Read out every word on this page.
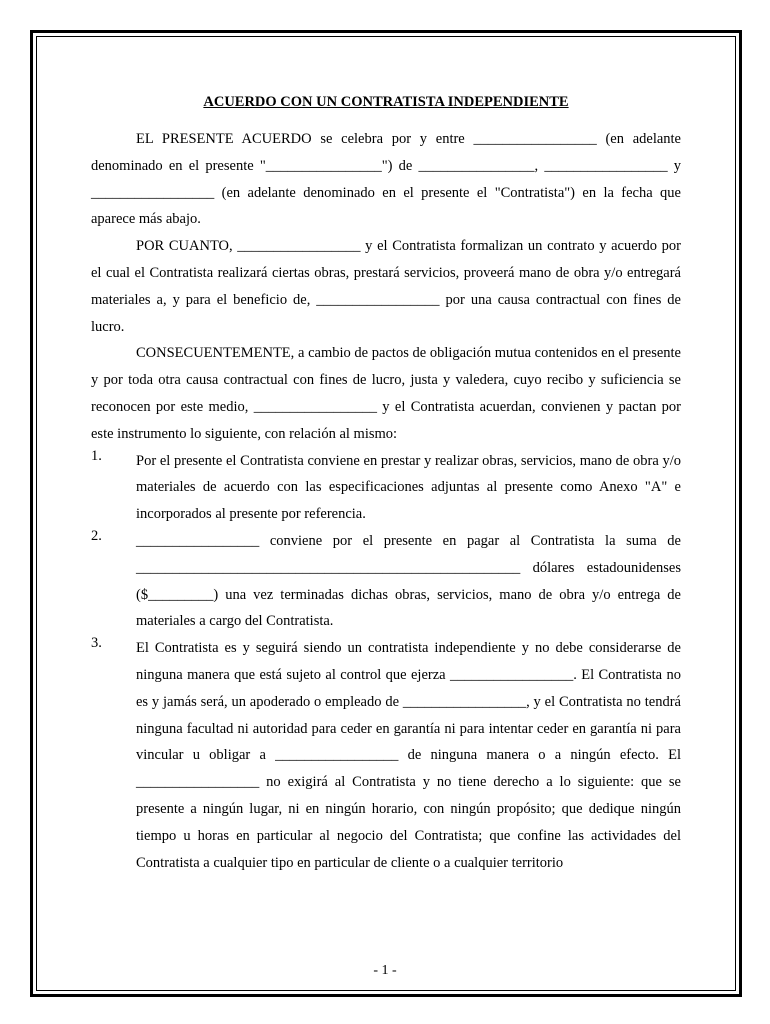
ACUERDO CON UN CONTRATISTA INDEPENDIENTE

EL PRESENTE ACUERDO se celebra por y entre _________________ (en adelante denominado en el presente "________________") de ________________, _________________ y _________________ (en adelante denominado en el presente el "Contratista") en la fecha que aparece más abajo.

POR CUANTO, _________________ y el Contratista formalizan un contrato y acuerdo por el cual el Contratista realizará ciertas obras, prestará servicios, proveerá mano de obra y/o entregará materiales a, y para el beneficio de, _________________ por una causa contractual con fines de lucro.

CONSECUENTEMENTE, a cambio de pactos de obligación mutua contenidos en el presente y por toda otra causa contractual con fines de lucro, justa y valedera, cuyo recibo y suficiencia se reconocen por este medio, _________________ y el Contratista acuerdan, convienen y pactan por este instrumento lo siguiente, con relación al mismo:

1. Por el presente el Contratista conviene en prestar y realizar obras, servicios, mano de obra y/o materiales de acuerdo con las especificaciones adjuntas al presente como Anexo "A" e incorporados al presente por referencia.
2. _________________ conviene por el presente en pagar al Contratista la suma de _____________________________________________________ dólares estadounidenses ($_________) una vez terminadas dichas obras, servicios, mano de obra y/o entrega de materiales a cargo del Contratista.
3. El Contratista es y seguirá siendo un contratista independiente y no debe considerarse de ninguna manera que está sujeto al control que ejerza _________________. El Contratista no es y jamás será, un apoderado o empleado de _________________, y el Contratista no tendrá ninguna facultad ni autoridad para ceder en garantía ni para intentar ceder en garantía ni para vincular u obligar a _________________ de ninguna manera o a ningún efecto. El _________________ no exigirá al Contratista y no tiene derecho a lo siguiente: que se presente a ningún lugar, ni en ningún horario, con ningún propósito; que dedique ningún tiempo u horas en particular al negocio del Contratista; que confine las actividades del Contratista a cualquier tipo en particular de cliente o a cualquier territorio
- 1 -
